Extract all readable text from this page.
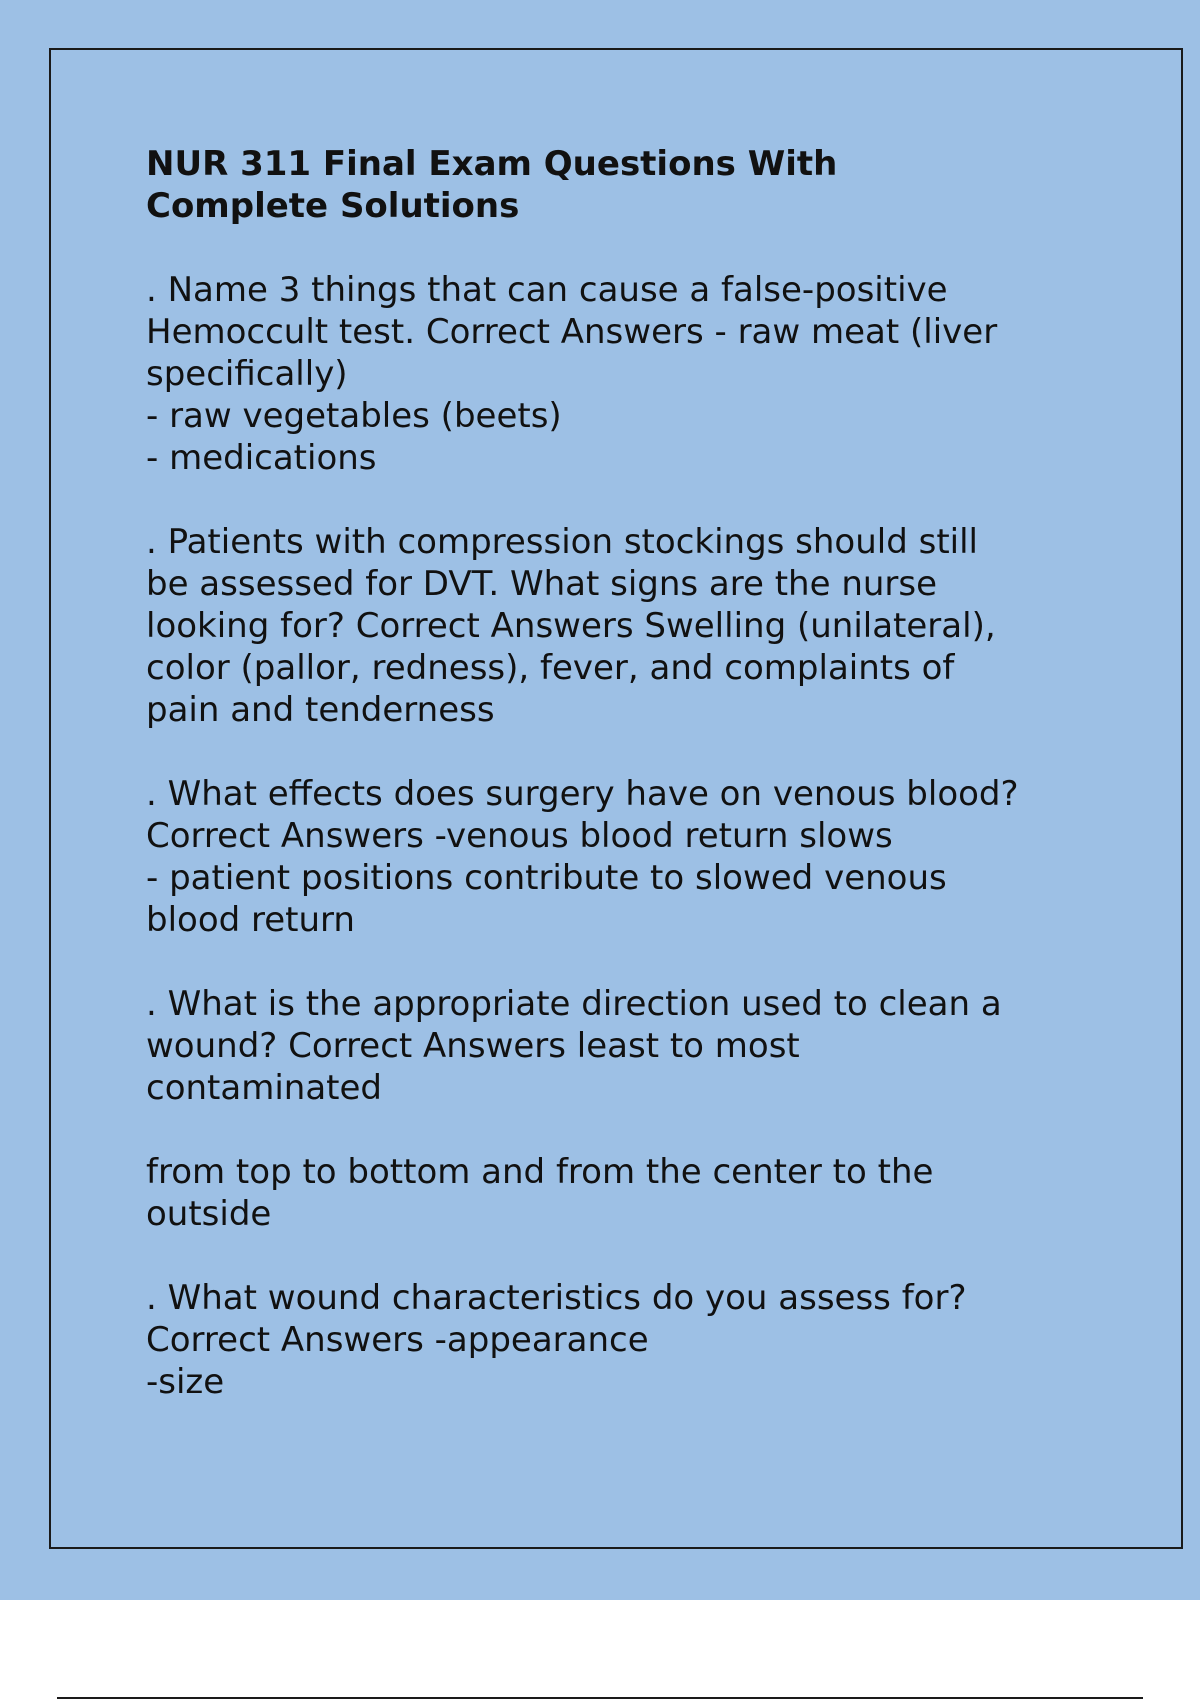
NUR 311 Final Exam Questions With
Complete Solutions
. Name 3 things that can cause a false-positive
Hemoccult test. Correct Answers - raw meat (liver
specifically)
- raw vegetables (beets)
- medications
. Patients with compression stockings should still
be assessed for DVT. What signs are the nurse
looking for? Correct Answers Swelling (unilateral),
color (pallor, redness), fever, and complaints of
pain and tenderness
. What effects does surgery have on venous blood?
Correct Answers -venous blood return slows
- patient positions contribute to slowed venous
blood return
. What is the appropriate direction used to clean a
wound? Correct Answers least to most
contaminated
from top to bottom and from the center to the
outside
. What wound characteristics do you assess for?
Correct Answers -appearance
-size
